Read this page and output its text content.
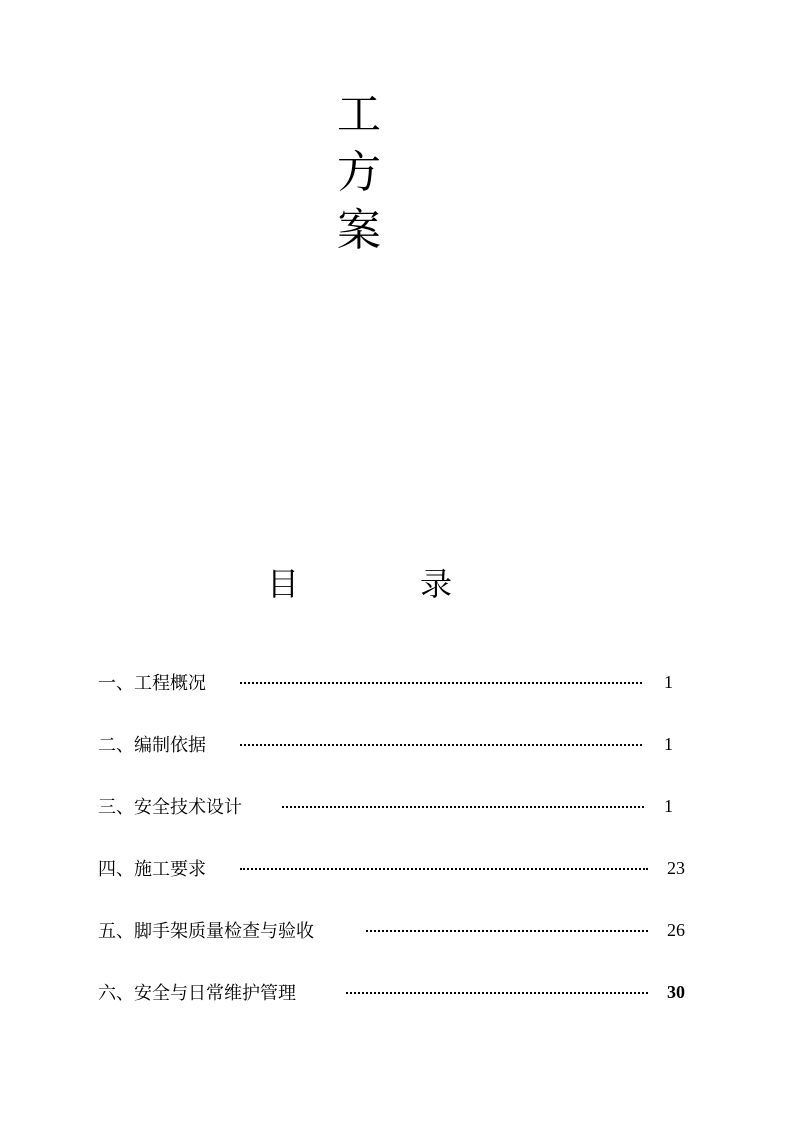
工
方
案
目	录
一、工程概况	1
二、编制依据	1
三、安全技术设计	1
四、施工要求	23
五、脚手架质量检查与验收	26
六、安全与日常维护管理	30
